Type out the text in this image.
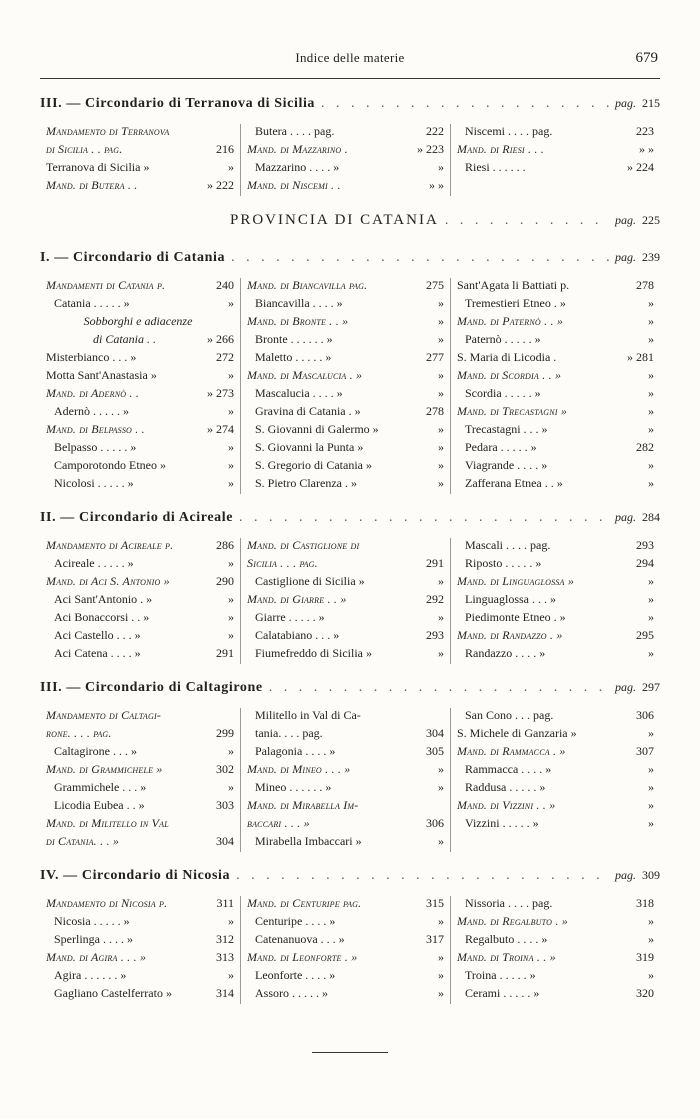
Indice delle materie	679
III. — Circondario di Terranova di Sicilia . . .	pag. 215
Mandamento di Terranova
di Sicilia . . pag.	216
Terranova di Sicilia »	»
Mand. di Butera . .	» 222
Butera . . . . pag.	222
Mand. di Mazzarino .	» 223
Mazzarino . . . . »	»
Mand. di Niscemi . .	» »
Niscemi . . . . pag.	223
Mand. di Riesi . . .	» »
Riesi . . . . . .	» 224
PROVINCIA DI CATANIA . . .	pag. 225
I. — Circondario di Catania . . .	pag. 239
Mandamenti di Catania p.	240
Catania . . . . . »	»
Sobborghi e adiacenze
di Catania . .	» 266
Misterbianco . . . »	272
Motta Sant'Anastasia »	»
Mand. di Adernò . .	» 273
Adernò . . . . . »	»
Mand. di Belpasso . .	» 274
Belpasso . . . . . »	»
Camporotondo Etneo »	»
Nicolosi . . . . . »	»
Mand. di Biancavilla pag.	275
Biancavilla . . . . »	»
Mand. di Bronte . . »	»
Bronte . . . . . . »	»
Maletto . . . . . »	277
Mand. di Mascalucia . »	»
Mascalucia . . . . »	»
Gravina di Catania . »	278
S. Giovanni di Galermo »	»
S. Giovanni la Punta »	»
S. Gregorio di Catania »	»
S. Pietro Clarenza . »	»
Sant'Agata li Battiati p.	278
Tremestieri Etneo . »	»
Mand. di Paternò . . »	»
Paternò . . . . . »	»
S. Maria di Licodia .	» 281
Mand. di Scordia . . »	»
Scordia . . . . . »	»
Mand. di Trecastagni »	»
Trecastagni . . . »	»
Pedara . . . . . »	282
Viagrande . . . . »	»
Zafferana Etnea . . »	»
II. — Circondario di Acireale . . .	pag. 284
Mandamento di Acireale p.	286
Acireale . . . . . »	»
Mand. di Aci S. Antonio »	290
Aci Sant'Antonio . »	»
Aci Bonaccorsi . . »	»
Aci Castello . . . »	»
Aci Catena . . . . »	291
Mand. di Castiglione di
Sicilia . . . pag.	291
Castiglione di Sicilia »	»
Mand. di Giarre . . »	292
Giarre . . . . . »	»
Calatabiano . . . »	293
Fiumefreddo di Sicilia »	»
Mascali . . . . pag.	293
Riposto . . . . . »	294
Mand. di Linguaglossa »	»
Linguaglossa . . . »	»
Piedimonte Etneo . »	»
Mand. di Randazzo . »	295
Randazzo . . . . »	»
III. — Circondario di Caltagirone . . .	pag. 297
Mandamento di Caltagi-
rone. . . . pag.	299
Caltagirone . . . »	»
Mand. di Grammichele »	302
Grammichele . . . »	»
Licodia Eubea . . »	303
Mand. di Militello in Val
di Catania. . . »	304
Militello in Val di Ca-
tania. . . . pag.	304
Palagonia . . . . »	305
Mand. di Mineo . . . »	»
Mineo . . . . . . »	»
Mand. di Mirabella Im-
baccari . . . »	306
Mirabella Imbaccari »	»
San Cono . . . pag.	306
S. Michele di Ganzaria »	»
Mand. di Rammacca . »	307
Rammacca . . . . »	»
Raddusa . . . . . »	»
Mand. di Vizzini . . »	»
Vizzini . . . . . »	»
IV. — Circondario di Nicosia . . .	pag. 309
Mandamento di Nicosia p.	311
Nicosia . . . . . »	»
Sperlinga . . . . »	312
Mand. di Agira . . . »	313
Agira . . . . . . »	»
Gagliano Castelferrato »	314
Mand. di Centuripe pag.	315
Centuripe . . . . »	»
Catenanuova . . . »	317
Mand. di Leonforte . »	»
Leonforte . . . . »	»
Assoro . . . . . »	»
Nissoria . . . . pag.	318
Mand. di Regalbuto . »	»
Regalbuto . . . . »	»
Mand. di Troina . . »	319
Troina . . . . . »	»
Cerami . . . . . »	320
